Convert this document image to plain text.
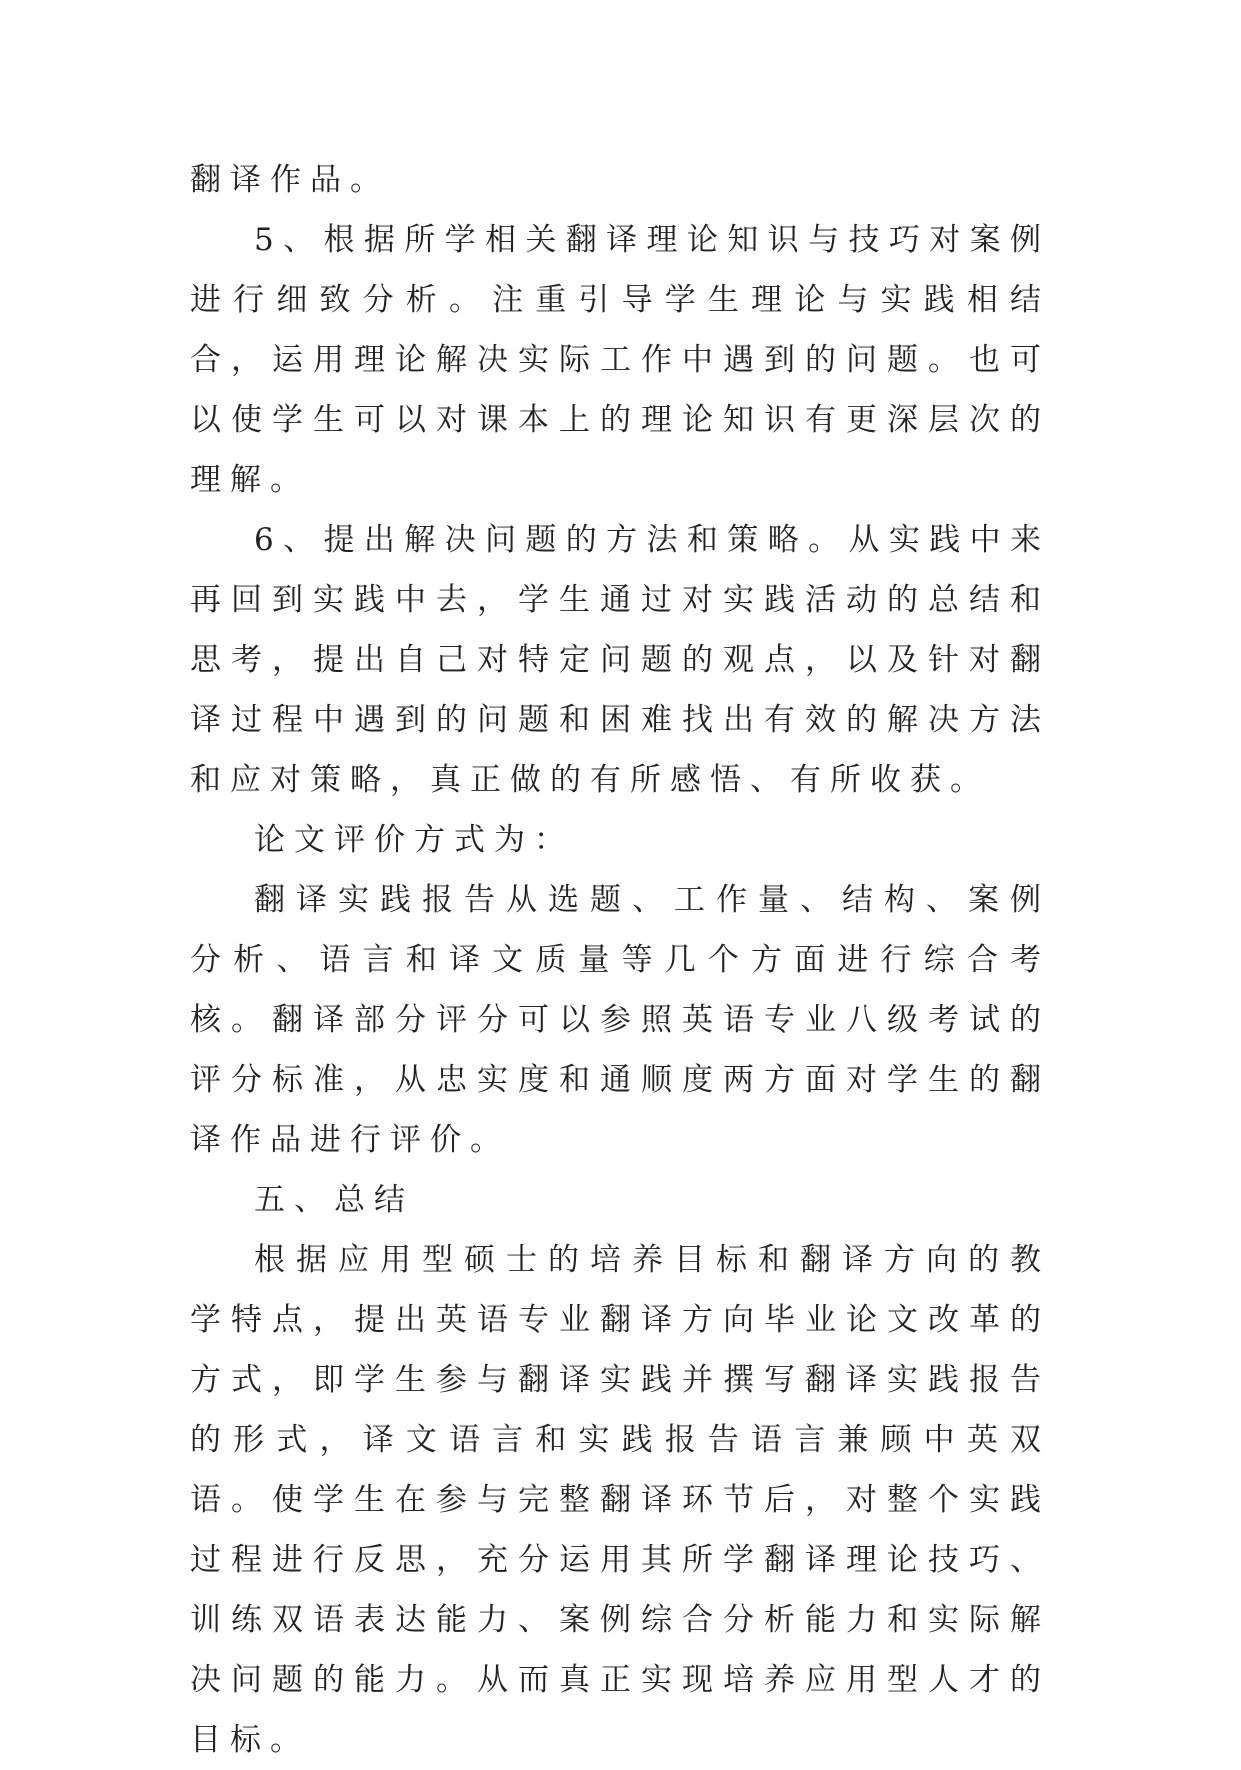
翻译作品。

5、根据所学相关翻译理论知识与技巧对案例进行细致分析。注重引导学生理论与实践相结合，运用理论解决实际工作中遇到的问题。也可以使学生可以对课本上的理论知识有更深层次的理解。

6、提出解决问题的方法和策略。从实践中来再回到实践中去，学生通过对实践活动的总结和思考，提出自己对特定问题的观点，以及针对翻译过程中遇到的问题和困难找出有效的解决方法和应对策略，真正做的有所感悟、有所收获。

论文评价方式为：

翻译实践报告从选题、工作量、结构、案例分析、语言和译文质量等几个方面进行综合考核。翻译部分评分可以参照英语专业八级考试的评分标准，从忠实度和通顺度两方面对学生的翻译作品进行评价。

五、总结

根据应用型硕士的培养目标和翻译方向的教学特点，提出英语专业翻译方向毕业论文改革的方式，即学生参与翻译实践并撰写翻译实践报告的形式，译文语言和实践报告语言兼顾中英双语。使学生在参与完整翻译环节后，对整个实践过程进行反思，充分运用其所学翻译理论技巧、训练双语表达能力、案例综合分析能力和实际解决问题的能力。从而真正实现培养应用型人才的目标。
